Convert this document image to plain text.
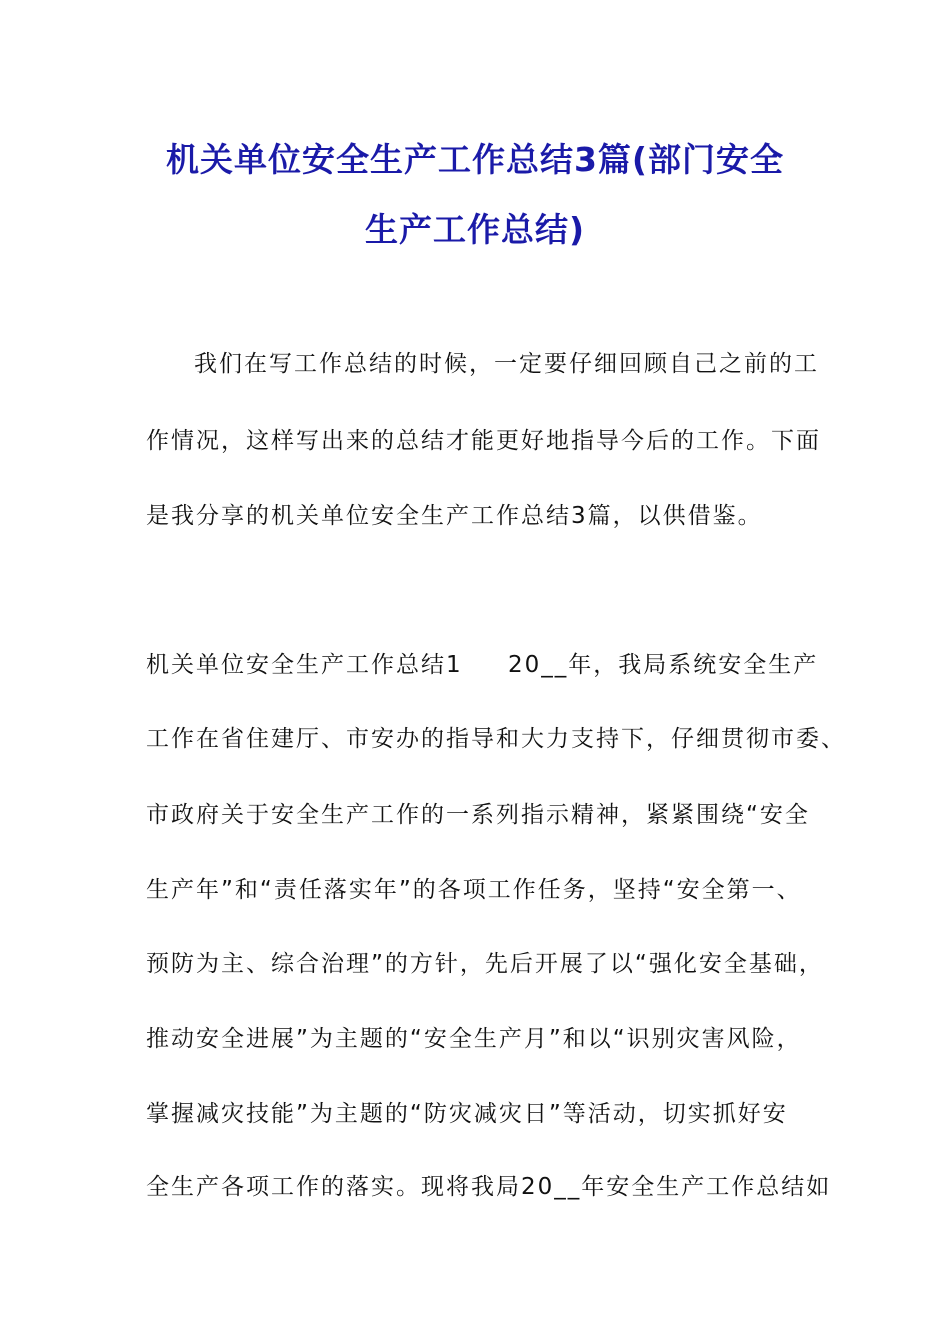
机关单位安全生产工作总结3篇(部门安全
生产工作总结)
我们在写工作总结的时候，一定要仔细回顾自己之前的工
作情况，这样写出来的总结才能更好地指导今后的工作。下面
是我分享的机关单位安全生产工作总结3篇，以供借鉴。
机关单位安全生产工作总结1 20__年，我局系统安全生产
工作在省住建厅、市安办的指导和大力支持下，仔细贯彻市委、
市政府关于安全生产工作的一系列指示精神，紧紧围绕“安全
生产年”和“责任落实年”的各项工作任务，坚持“安全第一、
预防为主、综合治理”的方针，先后开展了以“强化安全基础，
推动安全进展”为主题的“安全生产月”和以“识别灾害风险，
掌握减灾技能”为主题的“防灾减灾日”等活动，切实抓好安
全生产各项工作的落实。现将我局20__年安全生产工作总结如
